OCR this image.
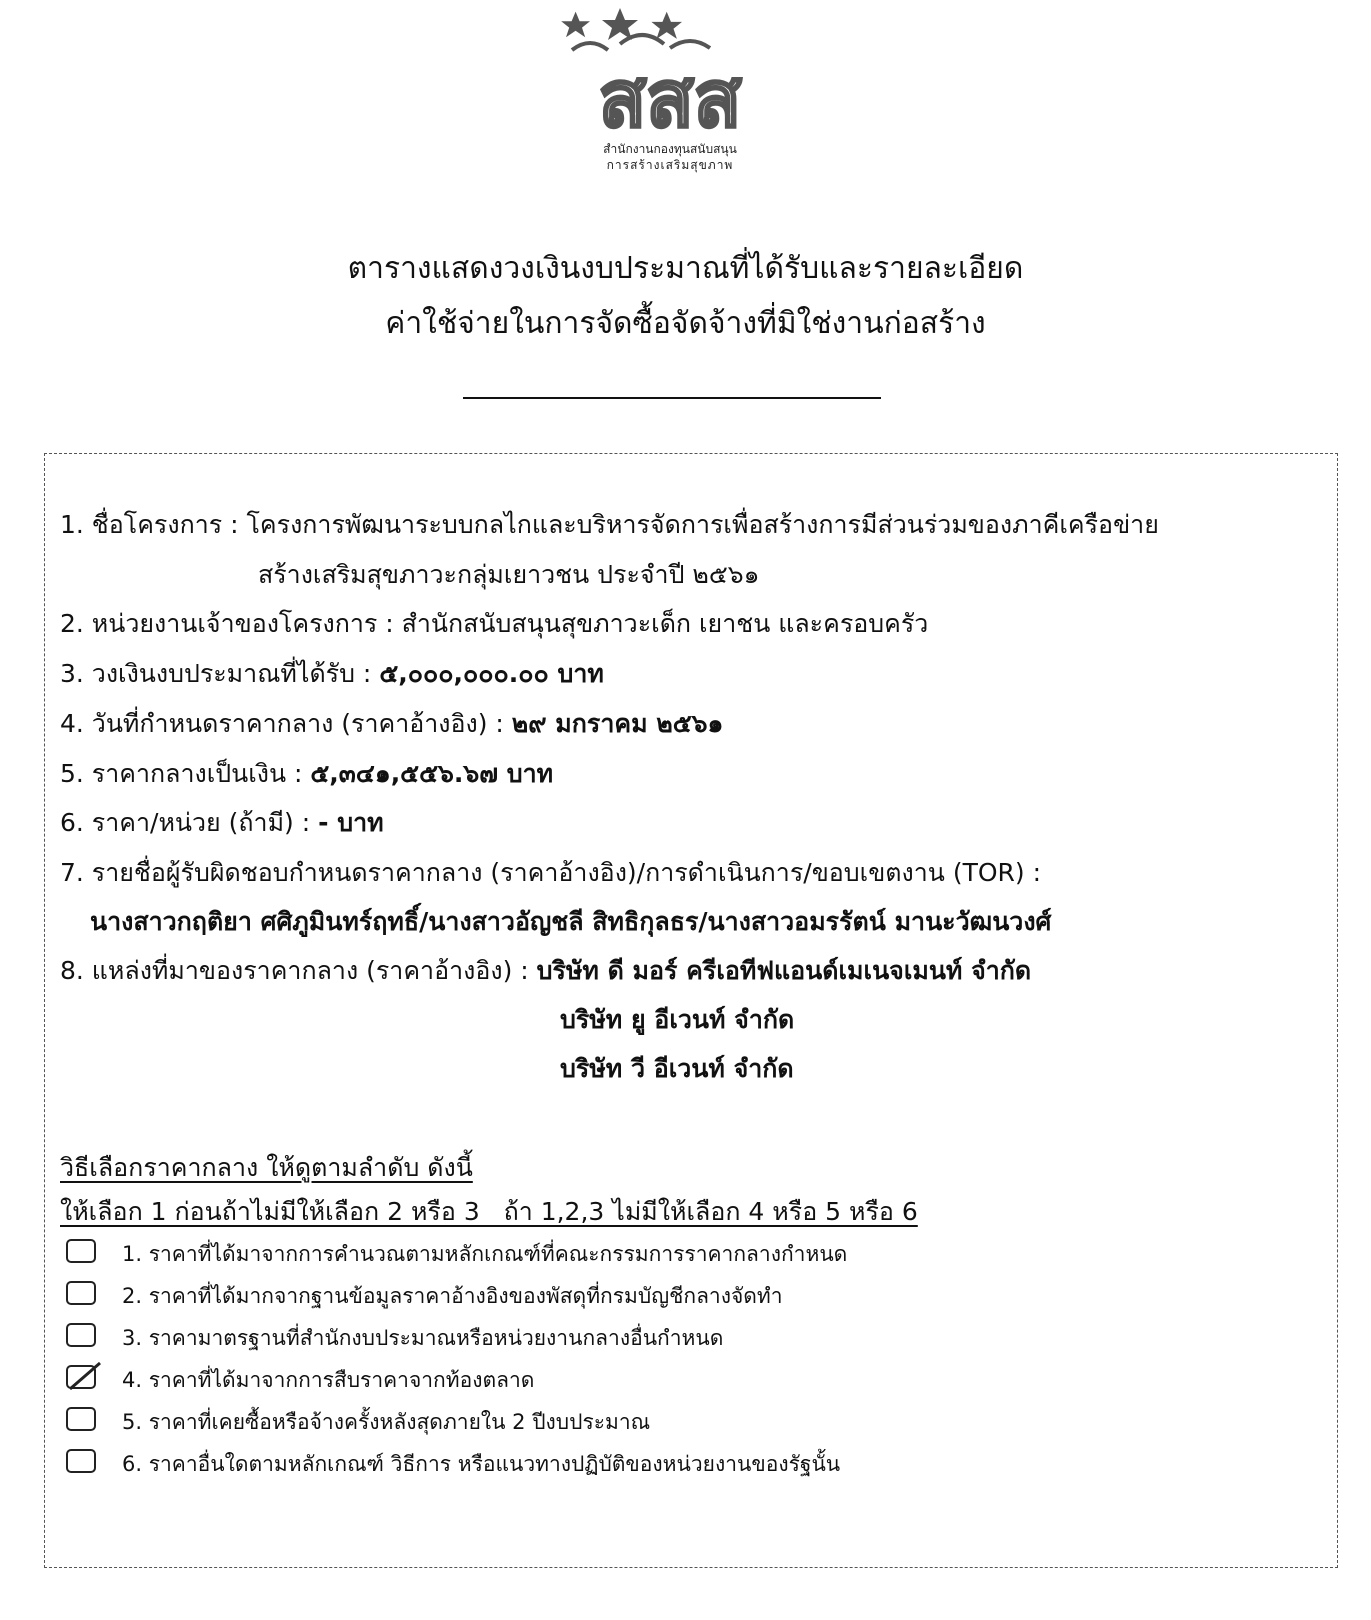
สสส
สำนักงานกองทุนสนับสนุน
การสร้างเสริมสุขภาพ
ตารางแสดงวงเงินงบประมาณที่ได้รับและรายละเอียด
ค่าใช้จ่ายในการจัดซื้อจัดจ้างที่มิใช่งานก่อสร้าง
1. ชื่อโครงการ : โครงการพัฒนาระบบกลไกและบริหารจัดการเพื่อสร้างการมีส่วนร่วมของภาคีเครือข่าย
สร้างเสริมสุขภาวะกลุ่มเยาวชน ประจำปี ๒๕๖๑
2. หน่วยงานเจ้าของโครงการ : สำนักสนับสนุนสุขภาวะเด็ก เยาชน และครอบครัว
3. วงเงินงบประมาณที่ได้รับ : ๕,๐๐๐,๐๐๐.๐๐ บาท
4. วันที่กำหนดราคากลาง (ราคาอ้างอิง) : ๒๙ มกราคม ๒๕๖๑
5. ราคากลางเป็นเงิน : ๕,๓๔๑,๕๕๖.๖๗ บาท
6. ราคา/หน่วย (ถ้ามี) : - บาท
7. รายชื่อผู้รับผิดชอบกำหนดราคากลาง (ราคาอ้างอิง)/การดำเนินการ/ขอบเขตงาน (TOR) :
นางสาวกฤติยา ศศิภูมินทร์ฤทธิ์/นางสาวอัญชลี สิทธิกุลธร/นางสาวอมรรัตน์ มานะวัฒนวงศ์
8. แหล่งที่มาของราคากลาง (ราคาอ้างอิง) : บริษัท ดี มอร์ ครีเอทีฟแอนด์เมเนจเมนท์ จำกัด
บริษัท ยู อีเวนท์ จำกัด
บริษัท วี อีเวนท์ จำกัด
วิธีเลือกราคากลาง ให้ดูตามลำดับ ดังนี้
ให้เลือก 1 ก่อนถ้าไม่มีให้เลือก 2 หรือ 3   ถ้า 1,2,3 ไม่มีให้เลือก 4 หรือ 5 หรือ 6
1. ราคาที่ได้มาจากการคำนวณตามหลักเกณฑ์ที่คณะกรรมการราคากลางกำหนด
2. ราคาที่ได้มากจากฐานข้อมูลราคาอ้างอิงของพัสดุที่กรมบัญชีกลางจัดทำ
3. ราคามาตรฐานที่สำนักงบประมาณหรือหน่วยงานกลางอื่นกำหนด
4. ราคาที่ได้มาจากการสืบราคาจากท้องตลาด
5. ราคาที่เคยซื้อหรือจ้างครั้งหลังสุดภายใน 2 ปีงบประมาณ
6. ราคาอื่นใดตามหลักเกณฑ์ วิธีการ หรือแนวทางปฏิบัติของหน่วยงานของรัฐนั้น
